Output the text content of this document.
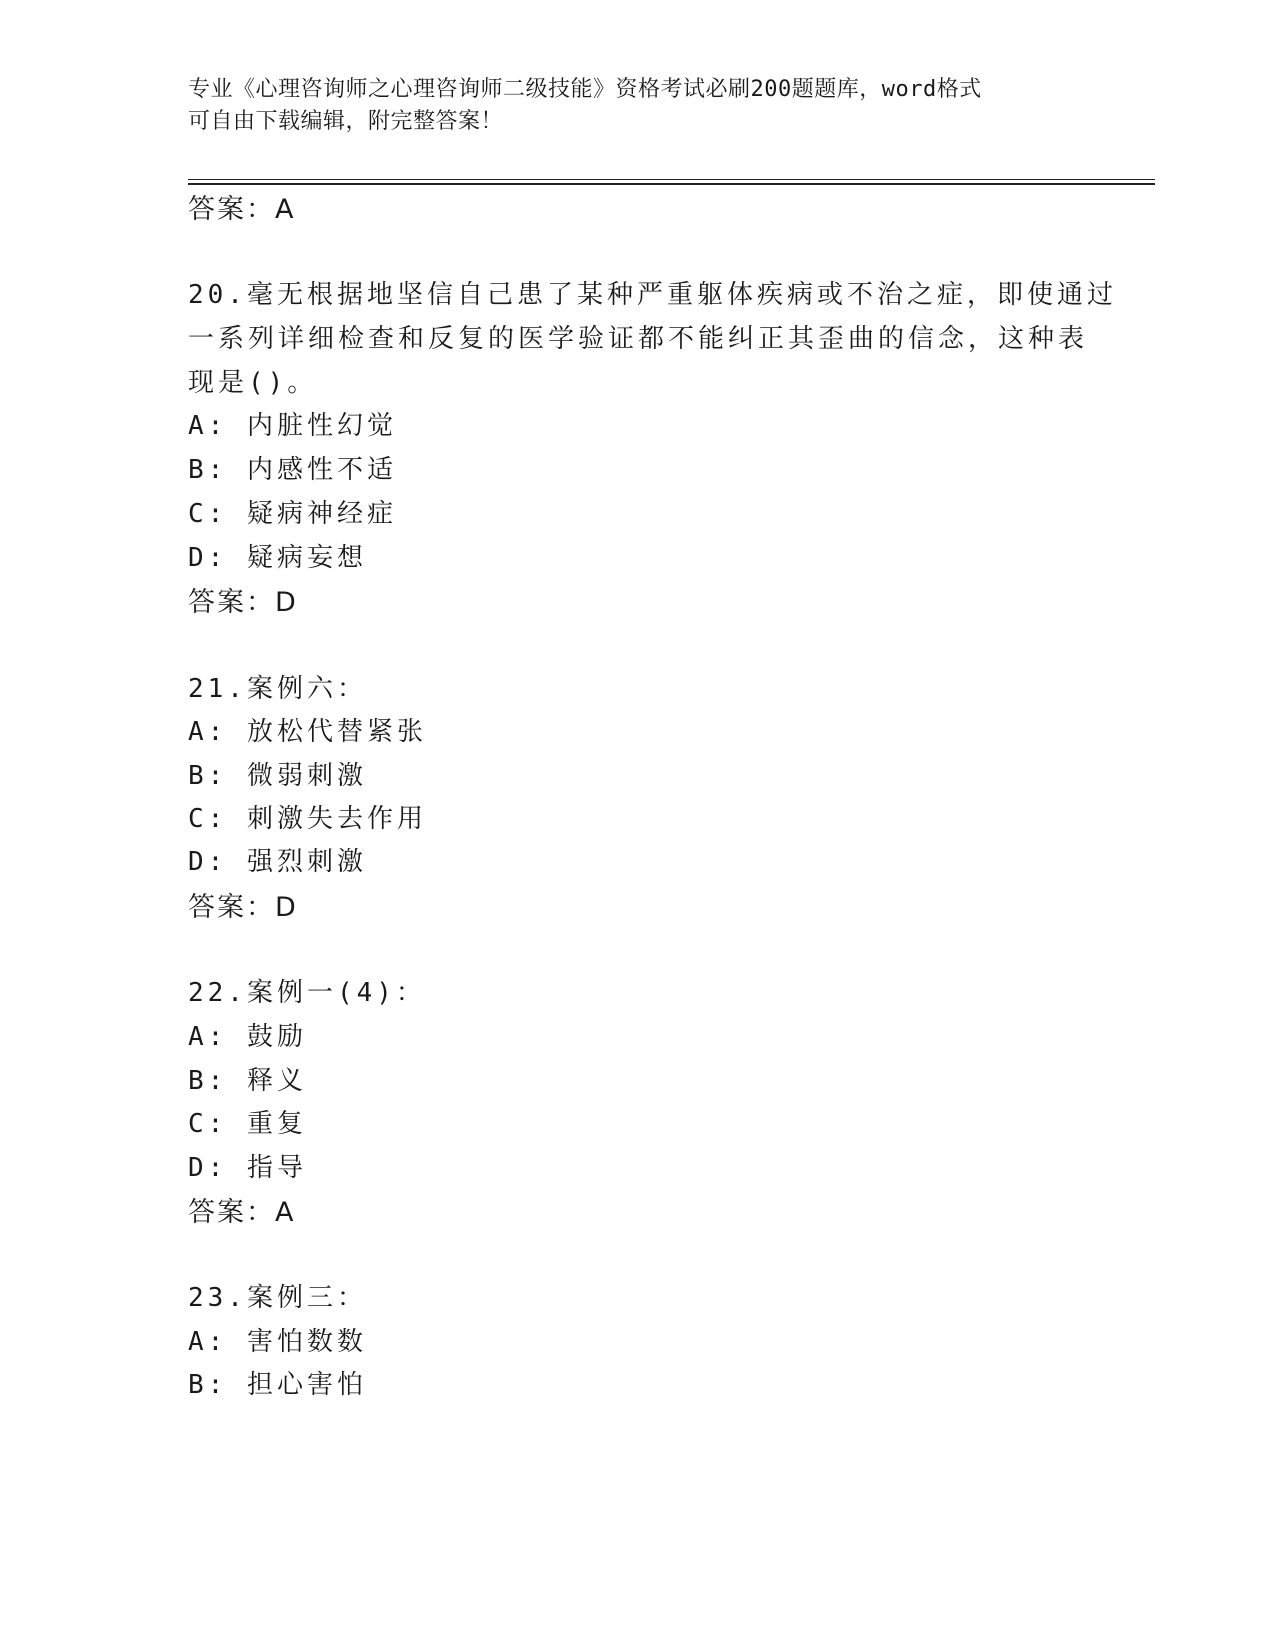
专业《心理咨询师之心理咨询师二级技能》资格考试必刷200题题库，word格式
可自由下载编辑，附完整答案！
答案：A
20.毫无根据地坚信自己患了某种严重躯体疾病或不治之症，即使通过
一系列详细检查和反复的医学验证都不能纠正其歪曲的信念，这种表
现是()。
A: 内脏性幻觉
B: 内感性不适
C: 疑病神经症
D: 疑病妄想
答案：D
21.案例六：
A: 放松代替紧张
B: 微弱刺激
C: 刺激失去作用
D: 强烈刺激
答案：D
22.案例一(4)：
A: 鼓励
B: 释义
C: 重复
D: 指导
答案：A
23.案例三：
A: 害怕数数
B: 担心害怕
